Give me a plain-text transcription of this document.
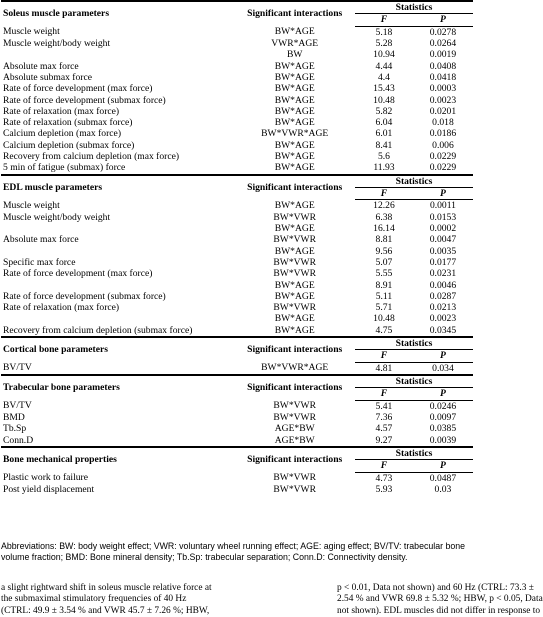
Soleus muscle parameters	Significant interactions	Statistics	
		F	P
Muscle weight	BW*AGE	5.18	0.0278
Muscle weight/body weight	VWR*AGE	5.28	0.0264
	BW	10.94	0.0019
Absolute max force	BW*AGE	4.44	0.0408
Absolute submax force	BW*AGE	4.4	0.0418
Rate of force development (max force)	BW*AGE	15.43	0.0003
Rate of force development (submax force)	BW*AGE	10.48	0.0023
Rate of relaxation (max force)	BW*AGE	5.82	0.0201
Rate of relaxation (submax force)	BW*AGE	6.04	0.018
Calcium depletion (max force)	BW*VWR*AGE	6.01	0.0186
Calcium depletion (submax force)	BW*AGE	8.41	0.006
Recovery from calcium depletion (max force)	BW*AGE	5.6	0.0229
5 min of fatigue (submax) force	BW*AGE	11.93	0.0229
EDL muscle parameters	Significant interactions	Statistics	
		F	P
Muscle weight	BW*AGE	12.26	0.0011
Muscle weight/body weight	BW*VWR	6.38	0.0153
	BW*AGE	16.14	0.0002
Absolute max force	BW*VWR	8.81	0.0047
	BW*AGE	9.56	0.0035
Specific max force	BW*VWR	5.07	0.0177
Rate of force development (max force)	BW*VWR	5.55	0.0231
	BW*AGE	8.91	0.0046
Rate of force development (submax force)	BW*AGE	5.11	0.0287
Rate of relaxation (max force)	BW*VWR	5.71	0.0213
	BW*AGE	10.48	0.0023
Recovery from calcium depletion (submax force)	BW*AGE	4.75	0.0345
Cortical bone parameters	Significant interactions	Statistics	
		F	P
BV/TV	BW*VWR*AGE	4.81	0.034
Trabecular bone parameters	Significant interactions	Statistics	
		F	P
BV/TV	BW*VWR	5.41	0.0246
BMD	BW*VWR	7.36	0.0097
Tb.Sp	AGE*BW	4.57	0.0385
Conn.D	AGE*BW	9.27	0.0039
Bone mechanical properties	Significant interactions	Statistics	
		F	P
Plastic work to failure	BW*VWR	4.73	0.0487
Post yield displacement	BW*VWR	5.93	0.03
Abbreviations: BW: body weight effect; VWR: voluntary wheel running effect; AGE: aging effect; BV/TV: trabecular bone
volume fraction; BMD: Bone mineral density; Tb.Sp: trabecular separation; Conn.D: Connectivity density.
a slight rightward shift in soleus muscle relative force at
the submaximal stimulatory frequencies of 40 Hz
(CTRL: 49.9 ± 3.54 % and VWR 45.7 ± 7.26 %; HBW,
p < 0.01, Data not shown) and 60 Hz (CTRL: 73.3 ±
2.54 % and VWR 69.8 ± 5.32 %; HBW, p < 0.05, Data
not shown). EDL muscles did not differ in response to
